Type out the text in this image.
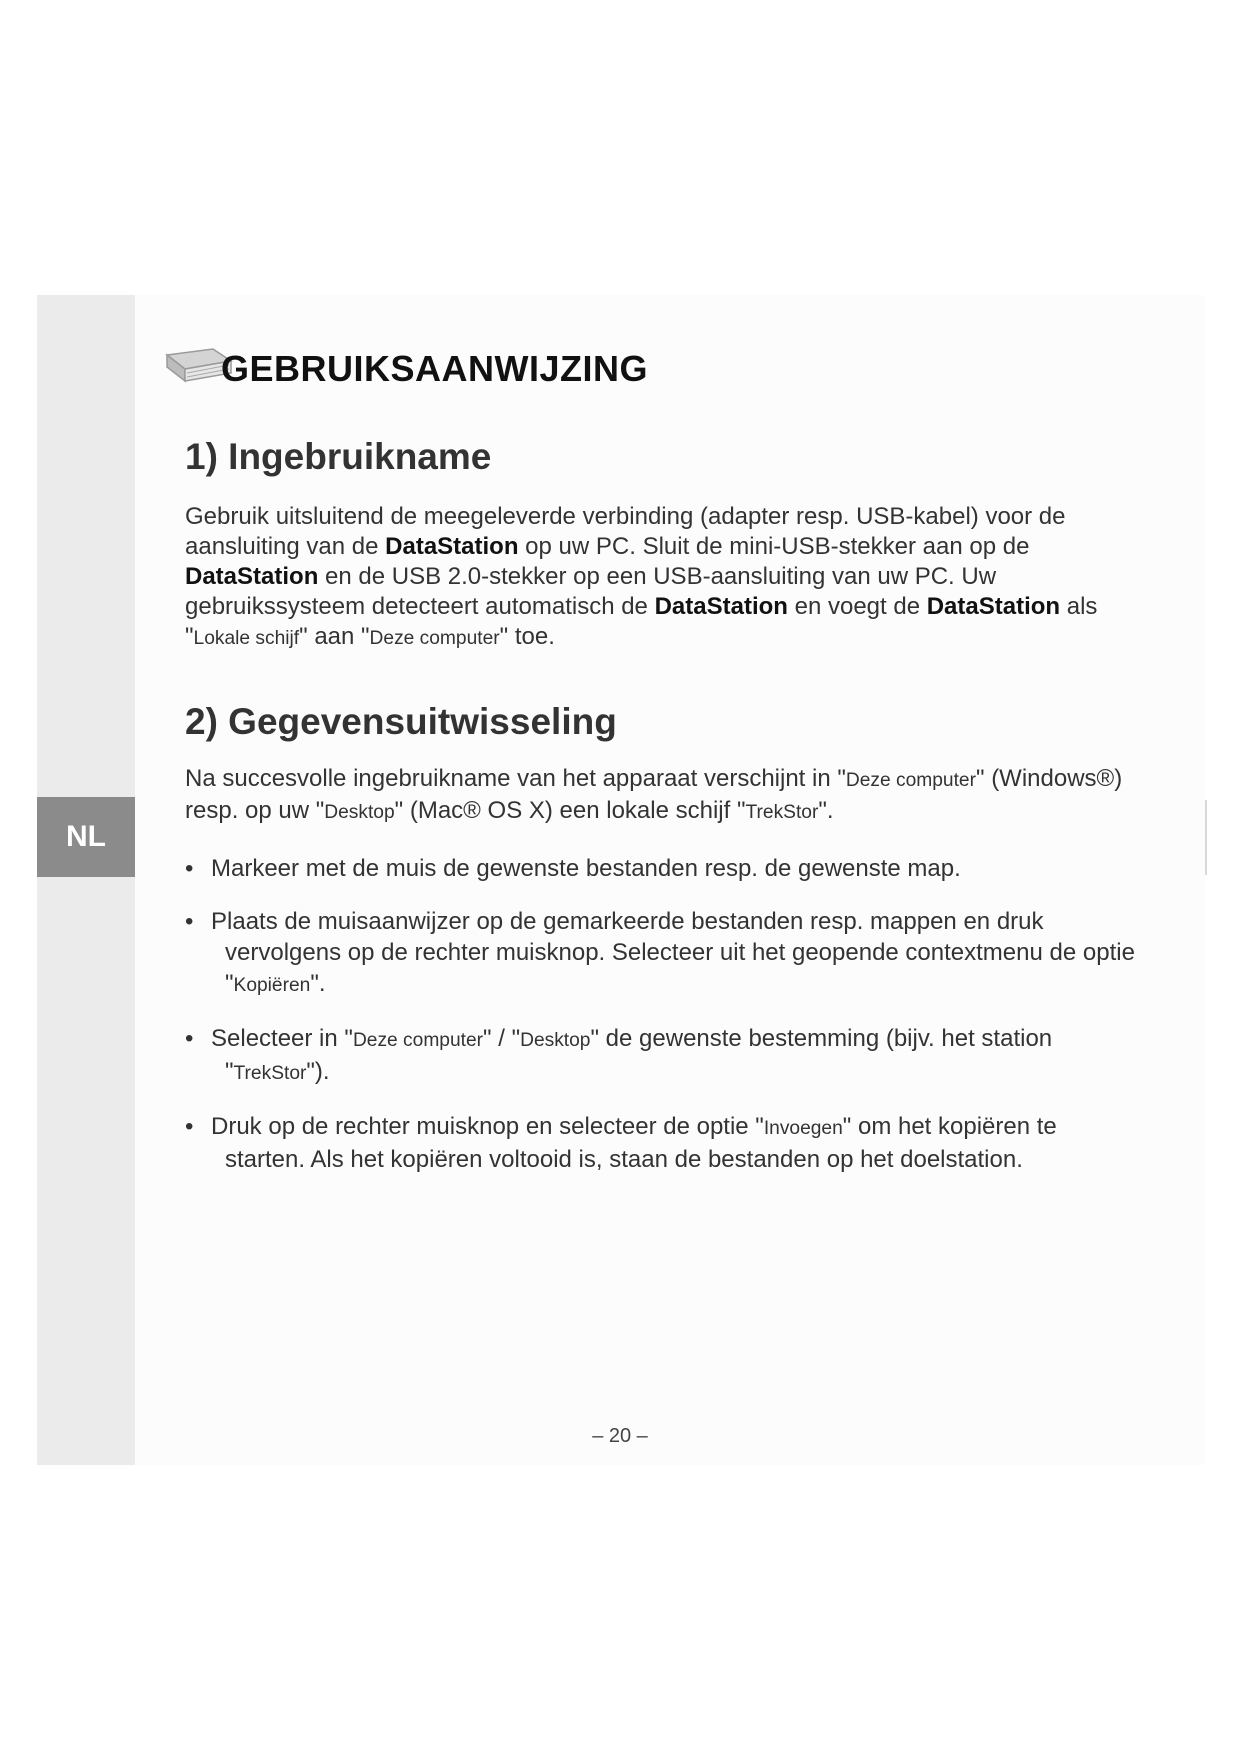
NL
GEBRUIKSAANWIJZING
1) Ingebruikname

Gebruik uitsluitend de meegeleverde verbinding (adapter resp. USB-kabel) voor de aansluiting van de DataStation op uw PC. Sluit de mini-USB-stekker aan op de DataStation en de USB 2.0-stekker op een USB-aansluiting van uw PC. Uw gebruikssysteem detecteert automatisch de DataStation en voegt de DataStation als "Lokale schijf" aan "Deze computer" toe.

2) Gegevensuitwisseling

Na succesvolle ingebruikname van het apparaat verschijnt in "Deze computer" (Windows®) resp. op uw "Desktop" (Mac® OS X) een lokale schijf "TrekStor".

• Markeer met de muis de gewenste bestanden resp. de gewenste map.
• Plaats de muisaanwijzer op de gemarkeerde bestanden resp. mappen en druk
vervolgens op de rechter muisknop. Selecteer uit het geopende contextmenu de optie "Kopiëren".
• Selecteer in "Deze computer" / "Desktop" de gewenste bestemming (bijv. het station
"TrekStor").
• Druk op de rechter muisknop en selecteer de optie "Invoegen" om het kopiëren te
starten. Als het kopiëren voltooid is, staan de bestanden op het doelstation.
– 20 –
